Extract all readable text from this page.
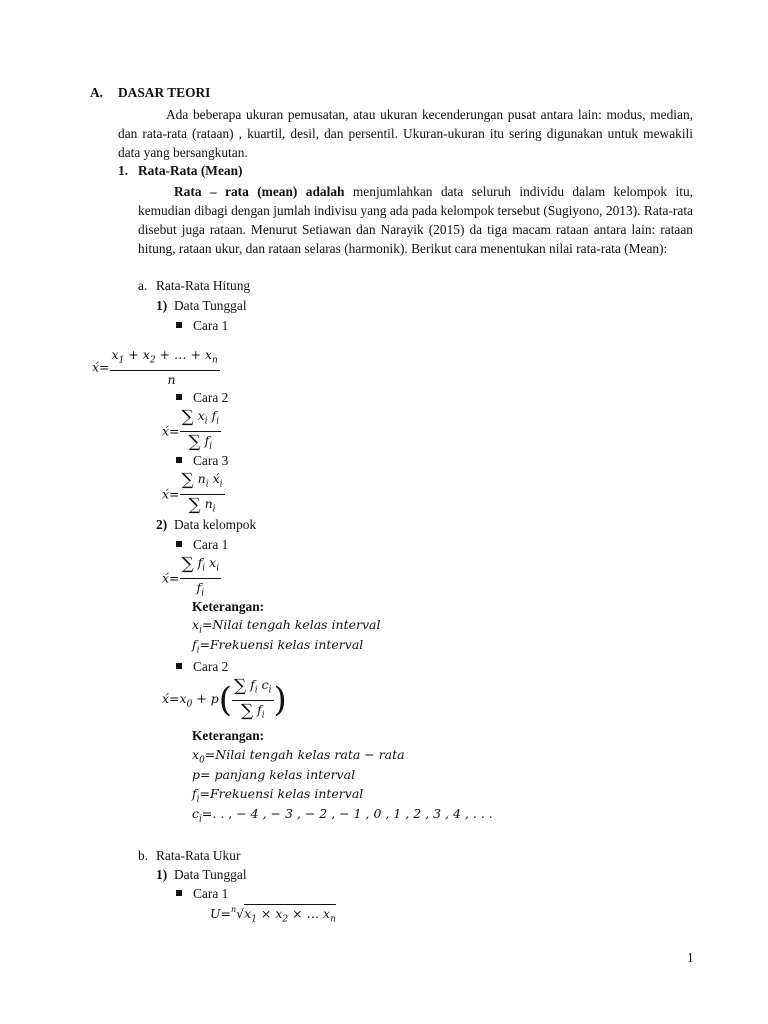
A. DASAR TEORI
Ada beberapa ukuran pemusatan, atau ukuran kecenderungan pusat antara lain: modus, median, dan rata-rata (rataan) , kuartil, desil, dan persentil. Ukuran-ukuran itu sering digunakan untuk mewakili data yang bersangkutan.
1. Rata-Rata (Mean)
Rata – rata (mean) adalah menjumlahkan data seluruh individu dalam kelompok itu, kemudian dibagi dengan jumlah indivisu yang ada pada kelompok tersebut (Sugiyono, 2013). Rata-rata disebut juga rataan. Menurut Setiawan dan Narayik (2015) da tiga macam rataan antara lain: rataan hitung, rataan ukur, dan rataan selaras (harmonik). Berikut cara menentukan nilai rata-rata (Mean):
a. Rata-Rata Hitung
1) Data Tunggal
Cara 1
x́= $\frac{x_1 + x_2 + \dots + x_n}{n}$
Cara 2
x́= $\frac{\sum x_i f_i}{\sum f_i}$
Cara 3
x́= $\frac{\sum n_i x́_i}{\sum n_i}$
2) Data kelompok
Cara 1
x́= $\frac{\sum f_i x_i}{f_i}$
Keterangan:
$x_i=Nilai$ tengah kelas interval
$f_i=Frekuensi$ kelas interval
Cara 2
$x́=x_0 + p( \frac{\sum f_i c_i}{\sum f_i}$ )
Keterangan:
$x_0=Nilai$ tengah kelas rata − rata
p= panjang kelas interval
$f_i=Frekuensi$ kelas interval
$c_i=$. . , − 4 , − 3 , − 2 , − 1 , 0 , 1 , 2 , 3 , 4 , . . .
b. Rata-Rata Ukur
1) Data Tunggal
Cara 1
$U=^n√x_1 \times x_2$ × … $x_n$
1
